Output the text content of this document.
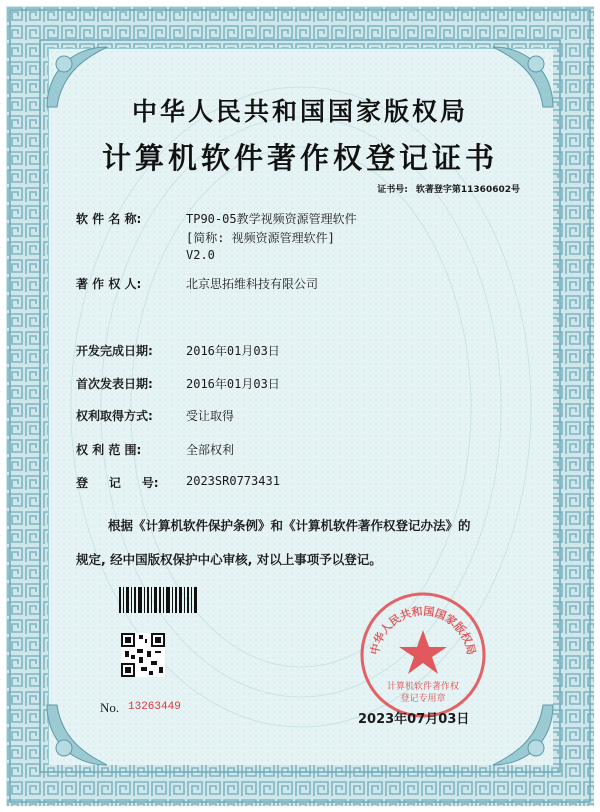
中华人民共和国国家版权局
计算机软件著作权登记证书
证书号: 软著登字第11360602号
软 件 名 称:	TP90-05教学视频资源管理软件
[简称: 视频资源管理软件]
V2.0
著 作 权 人:	北京思拓维科技有限公司
开发完成日期:	2016年01月03日
首次发表日期:	2016年01月03日
权利取得方式:	受让取得
权 利 范 围:	全部权利
登     记     号: 2023SR0773431
根据《计算机软件保护条例》和《计算机软件著作权登记办法》的
规定, 经中国版权保护中心审核, 对以上事项予以登记。
No. 13263449
中华人民共和国国家版权局
计算机软件著作权
登记专用章
2023年07月03日
